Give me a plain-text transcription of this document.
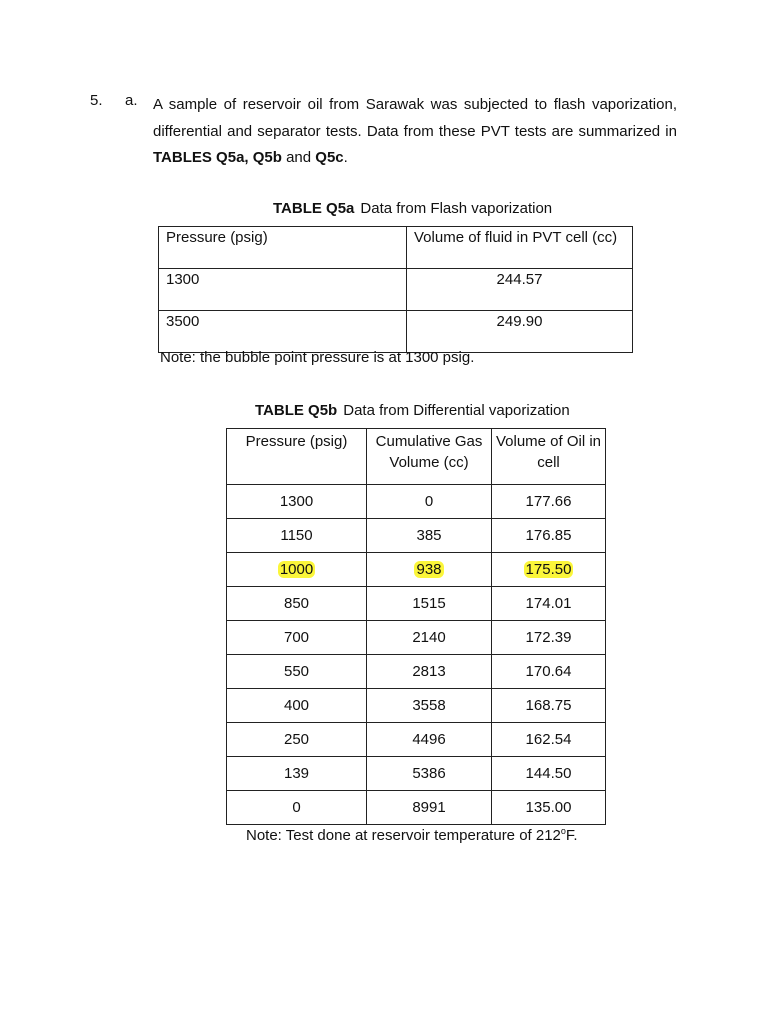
5. a. A sample of reservoir oil from Sarawak was subjected to flash vaporization, differential and separator tests. Data from these PVT tests are summarized in TABLES Q5a, Q5b and Q5c.
TABLE Q5a Data from Flash vaporization
Pressure (psig)	Volume of fluid in PVT cell (cc)
1300	244.57
3500	249.90
Note: the bubble point pressure is at 1300 psig.
TABLE Q5b Data from Differential vaporization
Pressure (psig)	Cumulative Gas Volume (cc)	Volume of Oil in cell
1300	0	177.66
1150	385	176.85
1000	938	175.50
850	1515	174.01
700	2140	172.39
550	2813	170.64
400	3558	168.75
250	4496	162.54
139	5386	144.50
0	8991	135.00
Note: Test done at reservoir temperature of 212$^o$F.
